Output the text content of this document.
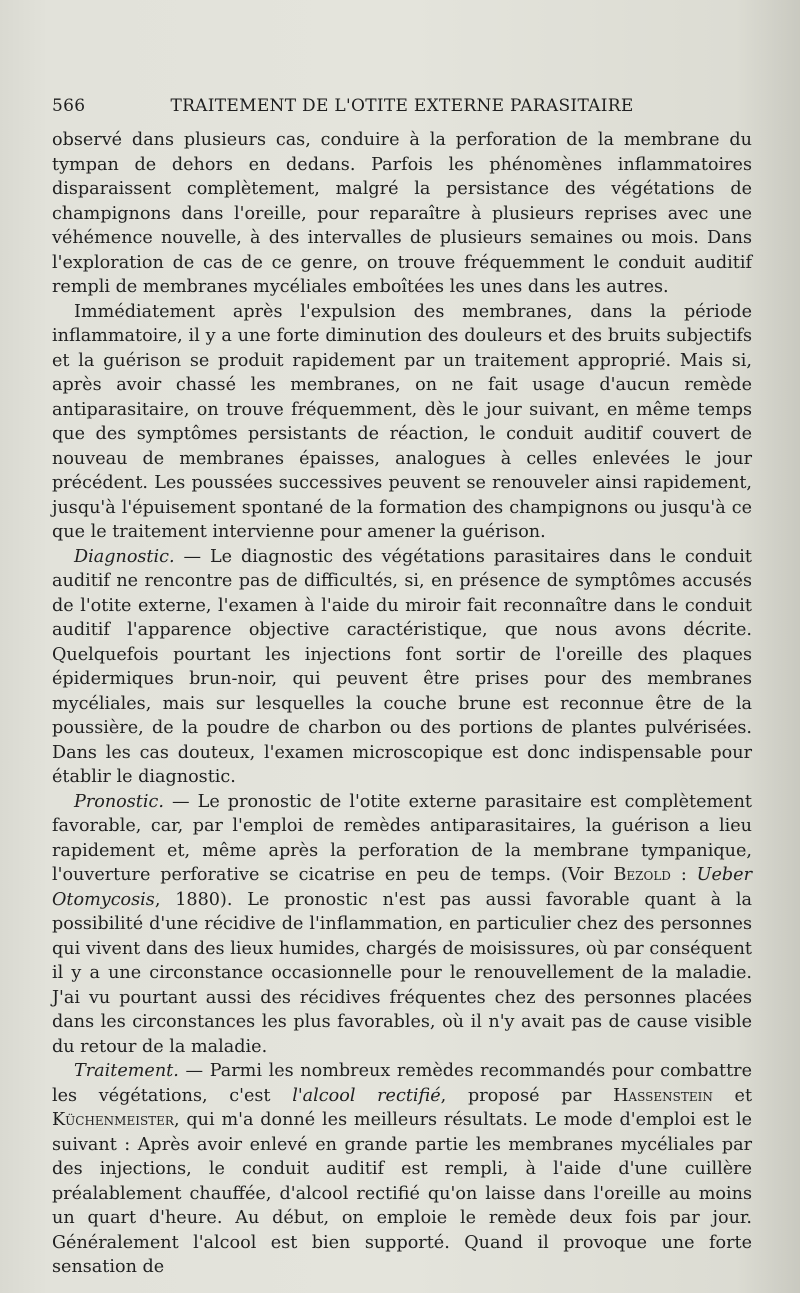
566	TRAITEMENT DE L'OTITE EXTERNE PARASITAIRE

observé dans plusieurs cas, conduire à la perforation de la membrane du tympan de dehors en dedans. Parfois les phénomènes inflammatoires disparaissent complètement, malgré la persistance des végétations de champignons dans l'oreille, pour reparaître à plusieurs reprises avec une véhémence nouvelle, à des intervalles de plusieurs semaines ou mois. Dans l'exploration de cas de ce genre, on trouve fréquemment le conduit auditif rempli de membranes mycéliales emboîtées les unes dans les autres.

Immédiatement après l'expulsion des membranes, dans la période inflammatoire, il y a une forte diminution des douleurs et des bruits subjectifs et la guérison se produit rapidement par un traitement approprié. Mais si, après avoir chassé les membranes, on ne fait usage d'aucun remède antiparasitaire, on trouve fréquemment, dès le jour suivant, en même temps que des symptômes persistants de réaction, le conduit auditif couvert de nouveau de membranes épaisses, analogues à celles enlevées le jour précédent. Les poussées successives peuvent se renouveler ainsi rapidement, jusqu'à l'épuisement spontané de la formation des champignons ou jusqu'à ce que le traitement intervienne pour amener la guérison.

Diagnostic. — Le diagnostic des végétations parasitaires dans le conduit auditif ne rencontre pas de difficultés, si, en présence de symptômes accusés de l'otite externe, l'examen à l'aide du miroir fait reconnaître dans le conduit auditif l'apparence objective caractéristique, que nous avons décrite. Quelquefois pourtant les injections font sortir de l'oreille des plaques épidermiques brun-noir, qui peuvent être prises pour des membranes mycéliales, mais sur lesquelles la couche brune est reconnue être de la poussière, de la poudre de charbon ou des portions de plantes pulvérisées. Dans les cas douteux, l'examen microscopique est donc indispensable pour établir le diagnostic.

Pronostic. — Le pronostic de l'otite externe parasitaire est complètement favorable, car, par l'emploi de remèdes antiparasitaires, la guérison a lieu rapidement et, même après la perforation de la membrane tympanique, l'ouverture perforative se cicatrise en peu de temps. (Voir Bezold : Ueber Otomycosis, 1880). Le pronostic n'est pas aussi favorable quant à la possibilité d'une récidive de l'inflammation, en particulier chez des personnes qui vivent dans des lieux humides, chargés de moisissures, où par conséquent il y a une circonstance occasionnelle pour le renouvellement de la maladie. J'ai vu pourtant aussi des récidives fréquentes chez des personnes placées dans les circonstances les plus favorables, où il n'y avait pas de cause visible du retour de la maladie.

Traitement. — Parmi les nombreux remèdes recommandés pour combattre les végétations, c'est l'alcool rectifié, proposé par Hassenstein et Küchenmeister, qui m'a donné les meilleurs résultats. Le mode d'emploi est le suivant : Après avoir enlevé en grande partie les membranes mycéliales par des injections, le conduit auditif est rempli, à l'aide d'une cuillère préalablement chauffée, d'alcool rectifié qu'on laisse dans l'oreille au moins un quart d'heure. Au début, on emploie le remède deux fois par jour. Généralement l'alcool est bien supporté. Quand il provoque une forte sensation de
